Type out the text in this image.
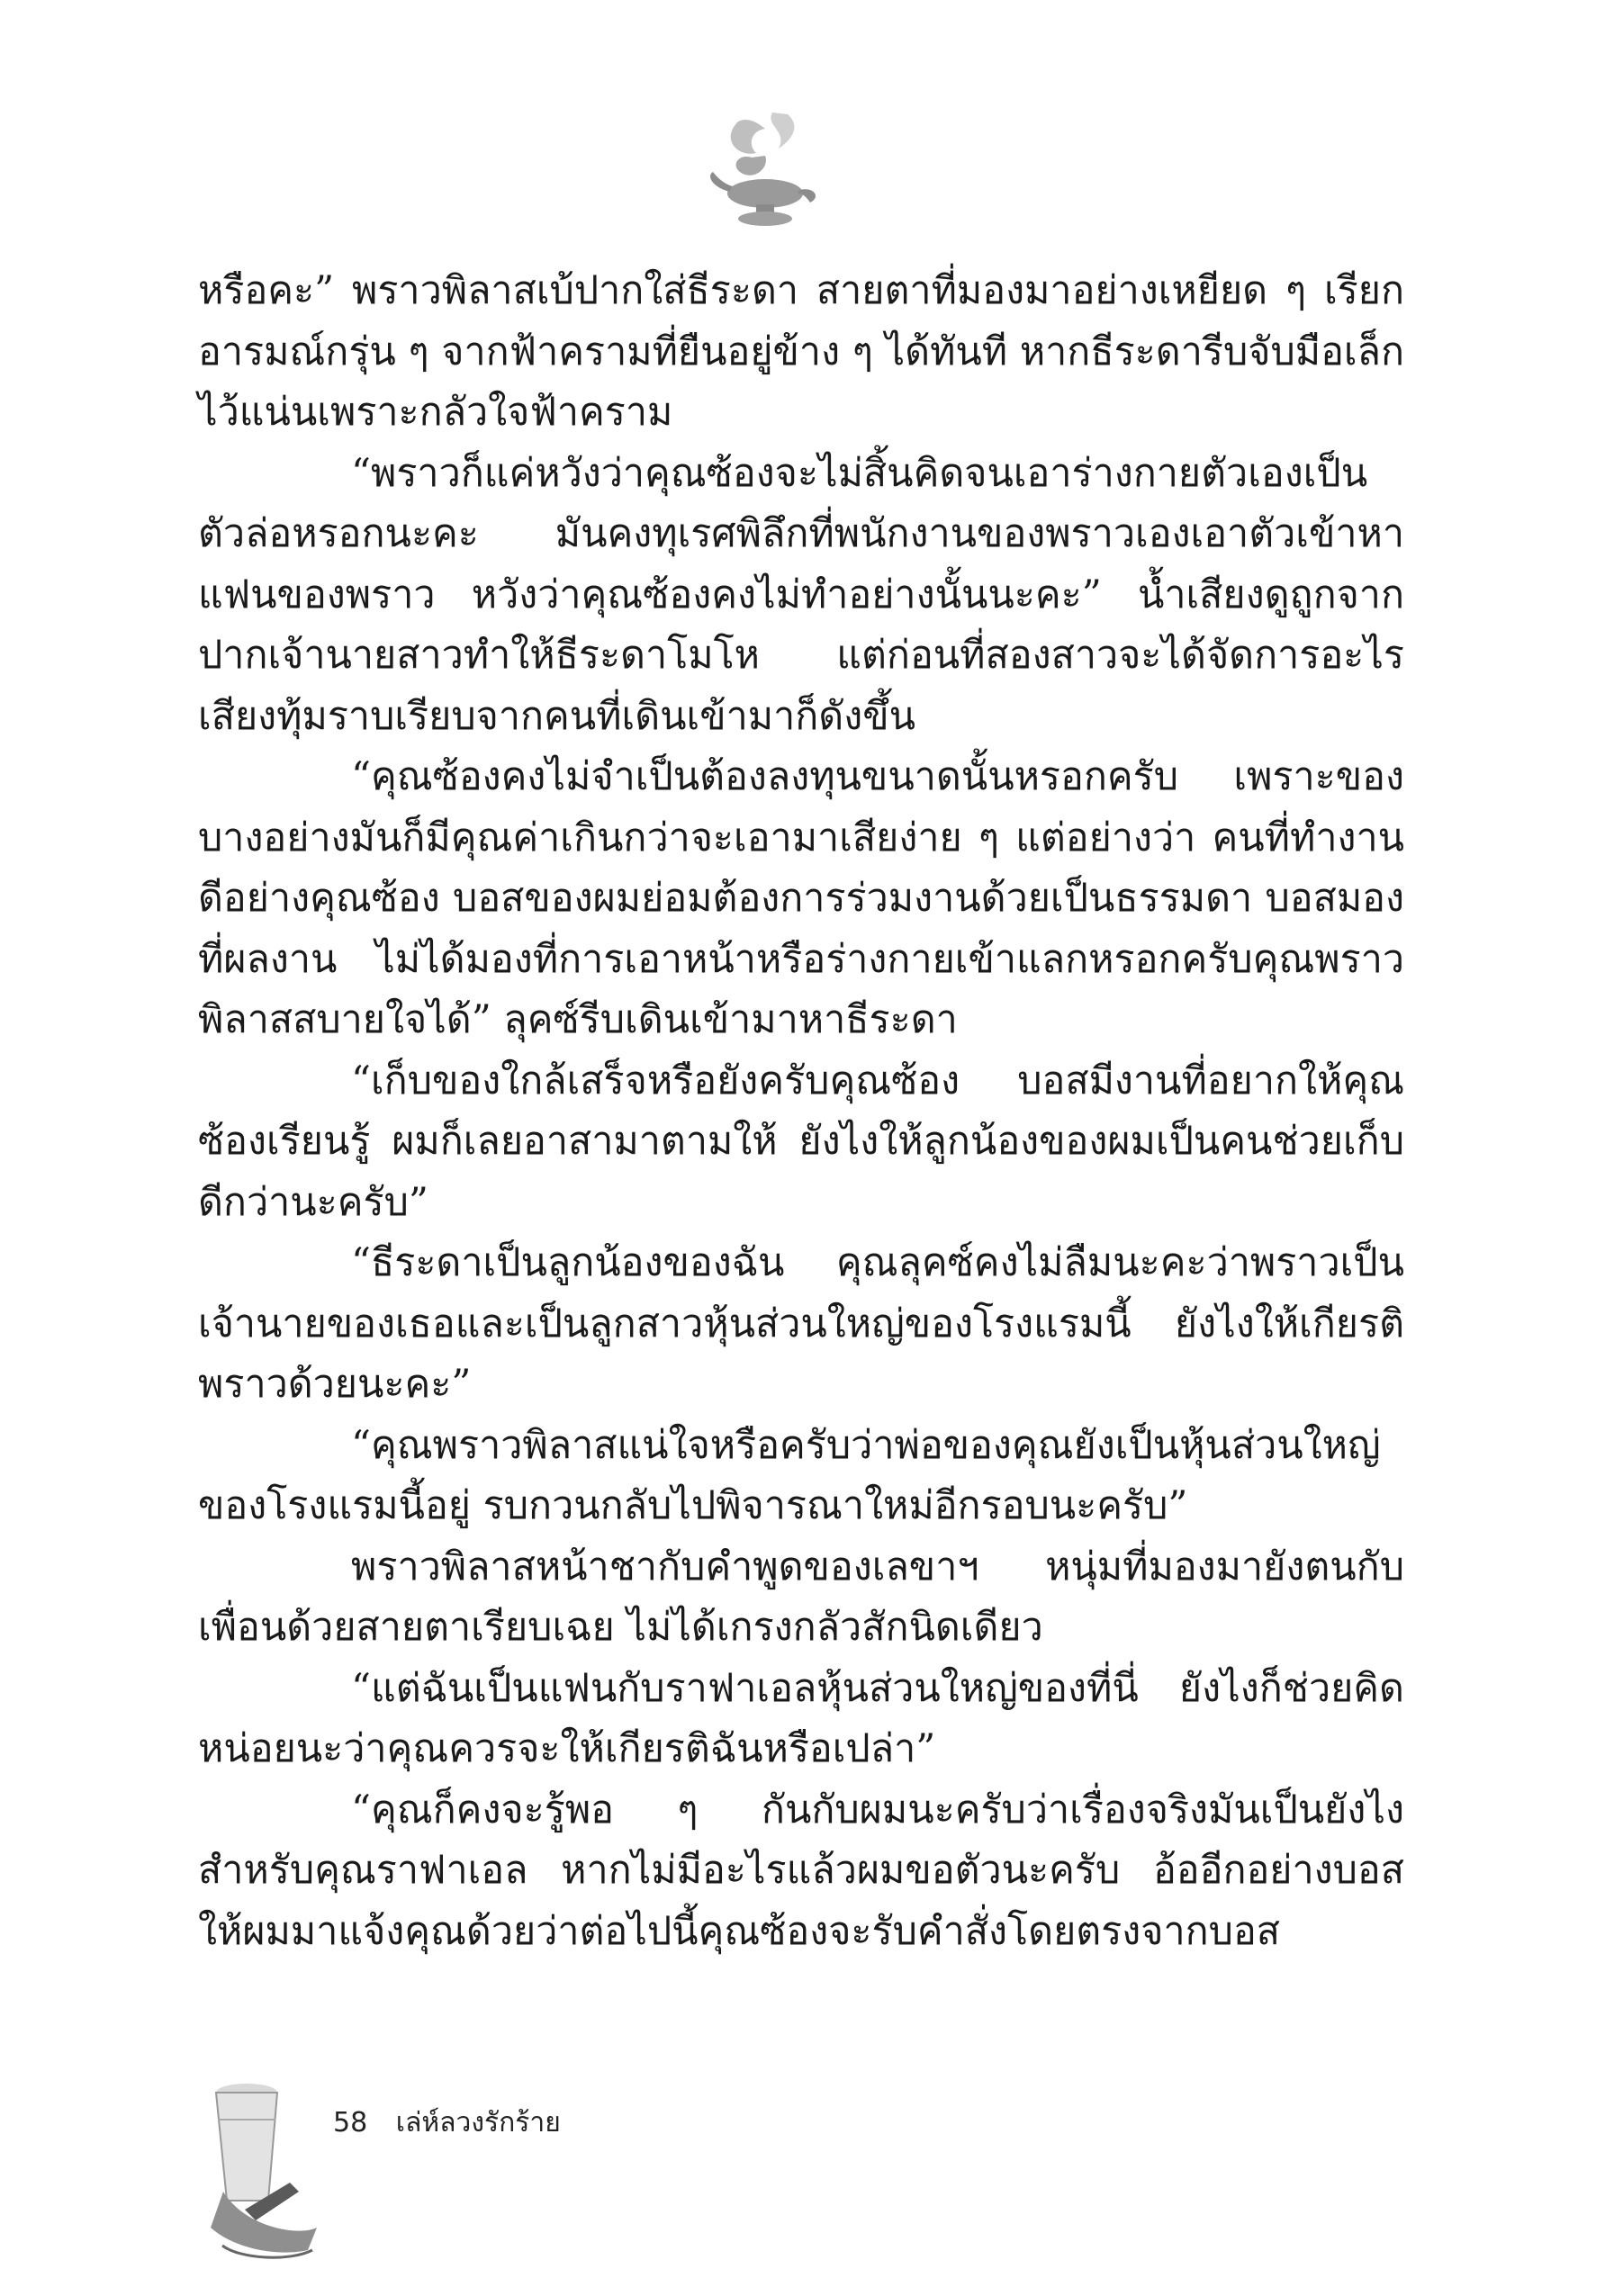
หรือคะ” พราวพิลาสเบ้ปากใส่ธีระดา สายตาที่มองมาอย่างเหยียด ๆ เรียกอารมณ์กรุ่น ๆ จากฟ้าครามที่ยืนอยู่ข้าง ๆ ได้ทันที หากธีระดารีบจับมือเล็กไว้แน่นเพราะกลัวใจฟ้าคราม

“พราวก็แค่หวังว่าคุณซ้องจะไม่สิ้นคิดจนเอาร่างกายตัวเองเป็นตัวล่อหรอกนะคะ มันคงทุเรศพิลึกที่พนักงานของพราวเองเอาตัวเข้าหาแฟนของพราว หวังว่าคุณซ้องคงไม่ทำอย่างนั้นนะคะ” น้ำเสียงดูถูกจากปากเจ้านายสาวทำให้ธีระดาโมโห แต่ก่อนที่สองสาวจะได้จัดการอะไร เสียงทุ้มราบเรียบจากคนที่เดินเข้ามาก็ดังขึ้น

“คุณซ้องคงไม่จำเป็นต้องลงทุนขนาดนั้นหรอกครับ เพราะของบางอย่างมันก็มีคุณค่าเกินกว่าจะเอามาเสียง่าย ๆ แต่อย่างว่า คนที่ทำงานดีอย่างคุณซ้อง บอสของผมย่อมต้องการร่วมงานด้วยเป็นธรรมดา บอสมองที่ผลงาน ไม่ได้มองที่การเอาหน้าหรือร่างกายเข้าแลกหรอกครับคุณพราวพิลาสสบายใจได้” ลุคซ์รีบเดินเข้ามาหาธีระดา

“เก็บของใกล้เสร็จหรือยังครับคุณซ้อง บอสมีงานที่อยากให้คุณซ้องเรียนรู้ ผมก็เลยอาสามาตามให้ ยังไงให้ลูกน้องของผมเป็นคนช่วยเก็บดีกว่านะครับ”

“ธีระดาเป็นลูกน้องของฉัน คุณลุคซ์คงไม่ลืมนะคะว่าพราวเป็นเจ้านายของเธอและเป็นลูกสาวหุ้นส่วนใหญ่ของโรงแรมนี้ ยังไงให้เกียรติพราวด้วยนะคะ”

“คุณพราวพิลาสแน่ใจหรือครับว่าพ่อของคุณยังเป็นหุ้นส่วนใหญ่ของโรงแรมนี้อยู่ รบกวนกลับไปพิจารณาใหม่อีกรอบนะครับ”

พราวพิลาสหน้าชากับคำพูดของเลขาฯ หนุ่มที่มองมายังตนกับเพื่อนด้วยสายตาเรียบเฉย ไม่ได้เกรงกลัวสักนิดเดียว

“แต่ฉันเป็นแฟนกับราฟาเอลหุ้นส่วนใหญ่ของที่นี่ ยังไงก็ช่วยคิดหน่อยนะว่าคุณควรจะให้เกียรติฉันหรือเปล่า”

“คุณก็คงจะรู้พอ ๆ กันกับผมนะครับว่าเรื่องจริงมันเป็นยังไงสำหรับคุณราฟาเอล หากไม่มีอะไรแล้วผมขอตัวนะครับ อ้ออีกอย่างบอสให้ผมมาแจ้งคุณด้วยว่าต่อไปนี้คุณซ้องจะรับคำสั่งโดยตรงจากบอส

58 เล่ห์ลวงรักร้าย
